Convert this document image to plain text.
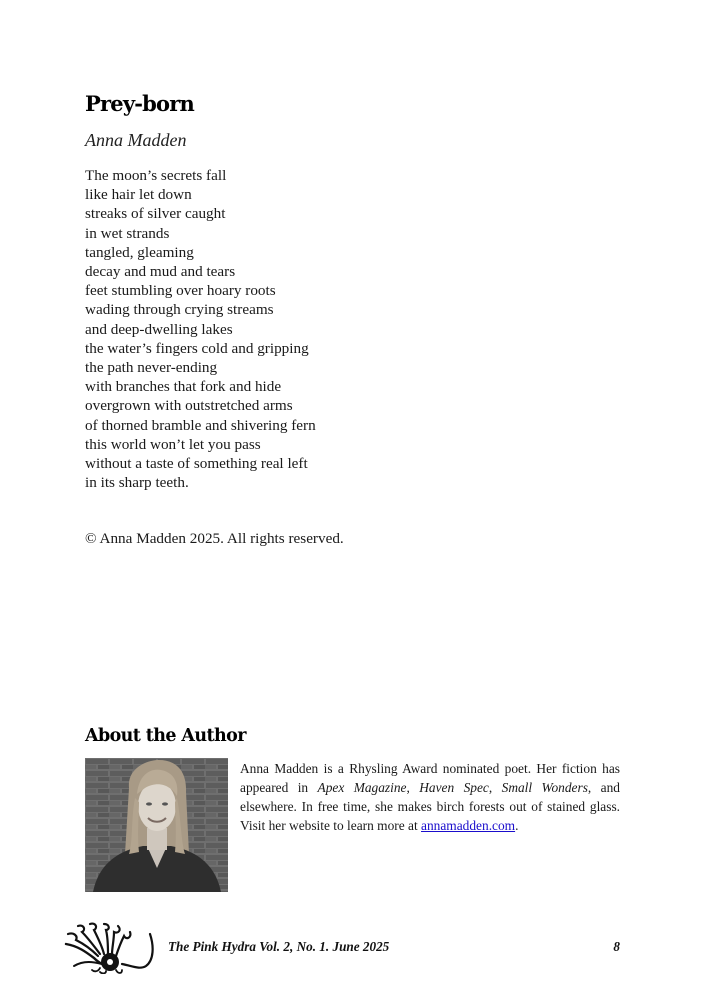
Prey-born

Anna Madden

The moon’s secrets fall
like hair let down
streaks of silver caught
in wet strands
tangled, gleaming
decay and mud and tears
feet stumbling over hoary roots
wading through crying streams
and deep-dwelling lakes
the water’s fingers cold and gripping
the path never-ending
with branches that fork and hide
overgrown with outstretched arms
of thorned bramble and shivering fern
this world won’t let you pass
without a taste of something real left
in its sharp teeth.

© Anna Madden 2025. All rights reserved.

About the Author

Anna Madden is a Rhysling Award nominated poet. Her fiction has appeared in Apex Magazine, Haven Spec, Small Wonders, and elsewhere. In free time, she makes birch forests out of stained glass. Visit her website to learn more at annamadden.com.

The Pink Hydra Vol. 2, No. 1. June 2025	8
